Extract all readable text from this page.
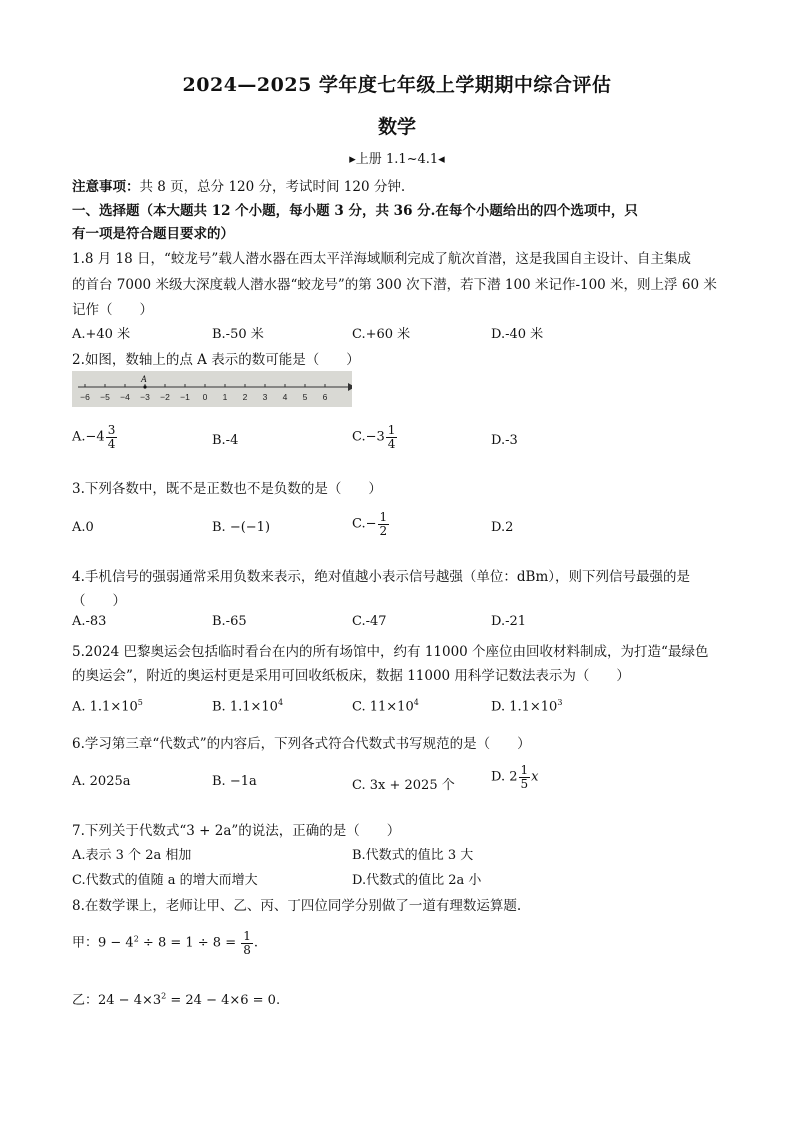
2024—2025 学年度七年级上学期期中综合评估
数学
▸上册 1.1~4.1◂
注意事项：共 8 页，总分 120 分，考试时间 120 分钟.
一、选择题（本大题共 12 个小题，每小题 3 分，共 36 分.在每个小题给出的四个选项中，只
有一项是符合题目要求的）
1.8 月 18 日，“蛟龙号”载人潜水器在西太平洋海域顺利完成了航次首潜，这是我国自主设计、自主集成
的首台 7000 米级大深度载人潜水器“蛟龙号”的第 300 次下潜，若下潜 100 米记作-100 米，则上浮 60 米
记作（　　）
A.+40 米	B.-50 米	C.+60 米	D.-40 米
2.如图，数轴上的点 A 表示的数可能是（　　）
−6 −5 −4 −3 −2 −1 0 1 2 3 4 5 6
A
$A.-4 \frac{3}{4}$	B.-4	$C.-3 \frac{1}{4}$	D.-3
3.下列各数中，既不是正数也不是负数的是（　　）
A.0	B. −(−1)	$C.- \frac{1}{2}$	D.2
4.手机信号的强弱通常采用负数来表示，绝对值越小表示信号越强（单位：dBm），则下列信号最强的是
（　　）
A.-83	B.-65	C.-47	D.-21
5.2024 巴黎奥运会包括临时看台在内的所有场馆中，约有 11000 个座位由回收材料制成，为打造“最绿色
的奥运会”，附近的奥运村更是采用可回收纸板床，数据 11000 用科学记数法表示为（　　）
A. $1.1\times 10^5$	B. $1.1\times 10^4$	C. $11\times 10^4$	D. $1.1\times 10^3$
6.学习第三章“代数式”的内容后，下列各式符合代数式书写规范的是（　　）
A. 2025a	B. −1a	C. 3x + 2025 个
D. $2 \frac{1}{5}$ x
7.下列关于代数式“3 + 2a”的说法，正确的是（　　）
A.表示 3 个 2a 相加	B.代数式的值比 3 大
C.代数式的值随 a 的增大而增大	D.代数式的值比 2a 小
8.在数学课上，老师让甲、乙、丙、丁四位同学分别做了一道有理数运算题.
甲：$9 - 4^2 \div 8 = 1 \div 8 = \frac{1}{8}$ .
乙：$24 - 4\times 3^2 = 24 - 4\times 6 = 0$.
